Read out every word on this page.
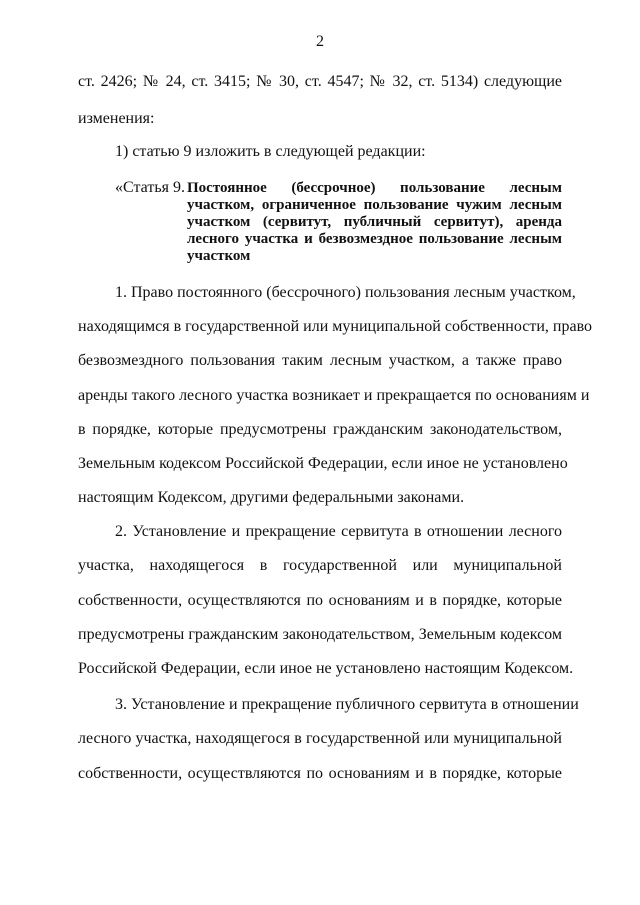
2
ст. 2426; № 24, ст. 3415; № 30, ст. 4547; № 32, ст. 5134) следующие
изменения:
1) статью 9 изложить в следующей редакции:
«Статья 9. Постоянное (бессрочное) пользование лесным
участком, ограниченное пользование чужим лесным
участком (сервитут, публичный сервитут), аренда
лесного участка и безвозмездное пользование лесным
участком
1. Право постоянного (бессрочного) пользования лесным участком,
находящимся в государственной или муниципальной собственности, право
безвозмездного пользования таким лесным участком, а также право
аренды такого лесного участка возникает и прекращается по основаниям и
в порядке, которые предусмотрены гражданским законодательством,
Земельным кодексом Российской Федерации, если иное не установлено
настоящим Кодексом, другими федеральными законами.
2. Установление и прекращение сервитута в отношении лесного
участка, находящегося в государственной или муниципальной
собственности, осуществляются по основаниям и в порядке, которые
предусмотрены гражданским законодательством, Земельным кодексом
Российской Федерации, если иное не установлено настоящим Кодексом.
3. Установление и прекращение публичного сервитута в отношении
лесного участка, находящегося в государственной или муниципальной
собственности, осуществляются по основаниям и в порядке, которые
